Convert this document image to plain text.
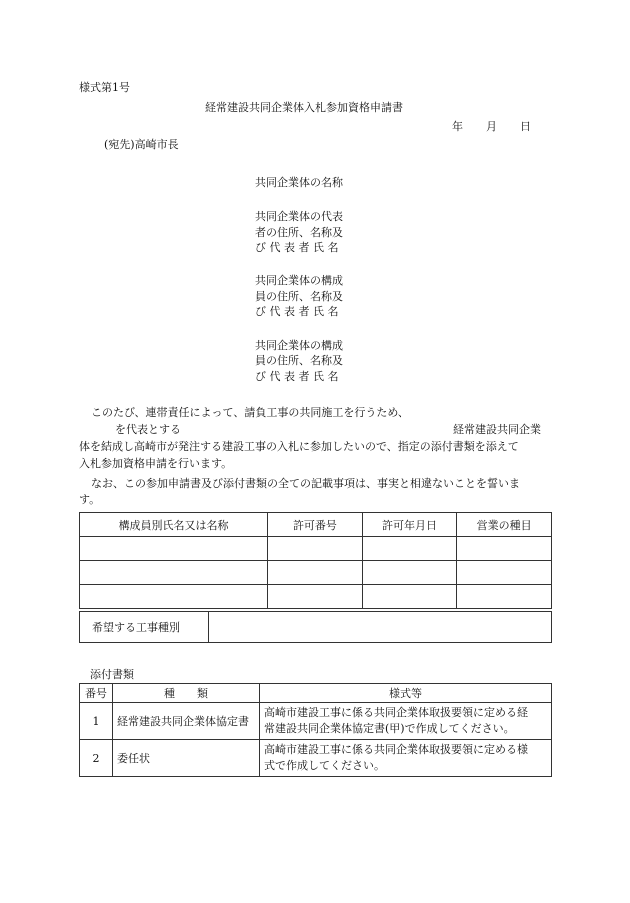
様式第1号
経常建設共同企業体入札参加資格申請書
年 月 日
(宛先)高崎市長
共同企業体の名称
共同企業体の代表
者の住所、名称及
び 代 表 者 氏 名
共同企業体の構成
員の住所、名称及
び 代 表 者 氏 名
共同企業体の構成
員の住所、名称及
び 代 表 者 氏 名
このたび、連帯責任によって、請負工事の共同施工を行うため、
を代表とする	経常建設共同企業
体を結成し高崎市が発注する建設工事の入札に参加したいので、指定の添付書類を添えて
入札参加資格申請を行います。
なお、この参加申請書及び添付書類の全ての記載事項は、事実と相違ないことを誓いま
す。
構成員別氏名又は名称	許可番号	許可年月日	営業の種目

希望する工事種別	
添付書類
番号	種　　類	様式等
1	経常建設共同企業体協定書	高崎市建設工事に係る共同企業体取扱要領に定める経
常建設共同企業体協定書(甲)で作成してください。

2	委任状	高崎市建設工事に係る共同企業体取扱要領に定める様
式で作成してください。
